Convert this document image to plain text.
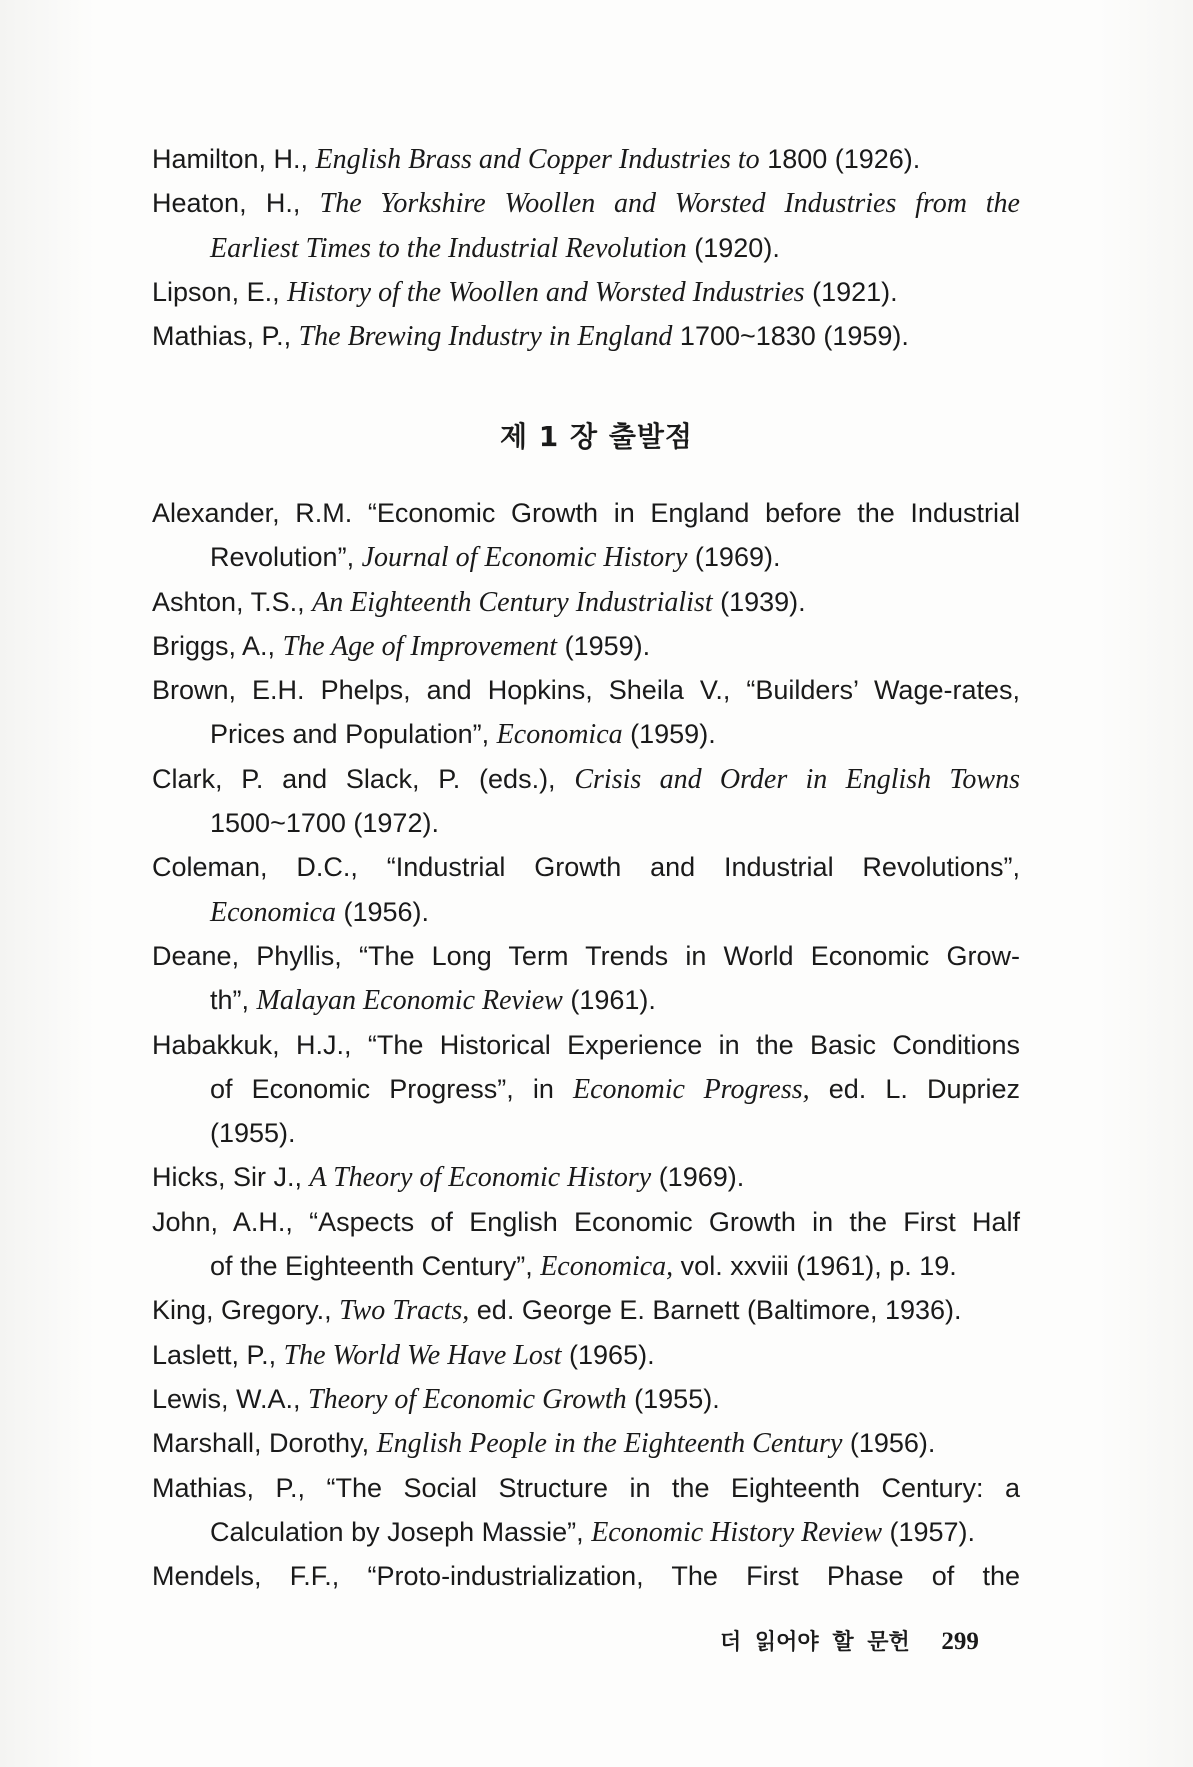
Hamilton, H., English Brass and Copper Industries to 1800 (1926).
Heaton, H., The Yorkshire Woollen and Worsted Industries from the
Earliest Times to the Industrial Revolution (1920).
Lipson, E., History of the Woollen and Worsted Industries (1921).
Mathias, P., The Brewing Industry in England 1700~1830 (1959).
제 1 장 출발점
Alexander, R.M. “Economic Growth in England before the Industrial
Revolution”, Journal of Economic History (1969).
Ashton, T.S., An Eighteenth Century Industrialist (1939).
Briggs, A., The Age of Improvement (1959).
Brown, E.H. Phelps, and Hopkins, Sheila V., “Builders’ Wage-rates,
Prices and Population”, Economica (1959).
Clark, P. and Slack, P. (eds.), Crisis and Order in English Towns
1500~1700 (1972).
Coleman, D.C., “Industrial Growth and Industrial Revolutions”,
Economica (1956).
Deane, Phyllis, “The Long Term Trends in World Economic Grow-
th”, Malayan Economic Review (1961).
Habakkuk, H.J., “The Historical Experience in the Basic Conditions
of Economic Progress”, in Economic Progress, ed. L. Dupriez
(1955).
Hicks, Sir J., A Theory of Economic History (1969).
John, A.H., “Aspects of English Economic Growth in the First Half
of the Eighteenth Century”, Economica, vol. xxviii (1961), p. 19.
King, Gregory., Two Tracts, ed. George E. Barnett (Baltimore, 1936).
Laslett, P., The World We Have Lost (1965).
Lewis, W.A., Theory of Economic Growth (1955).
Marshall, Dorothy, English People in the Eighteenth Century (1956).
Mathias, P., “The Social Structure in the Eighteenth Century: a
Calculation by Joseph Massie”, Economic History Review (1957).
Mendels, F.F., “Proto-industrialization, The First Phase of the
더 읽어야 할 문헌 299
